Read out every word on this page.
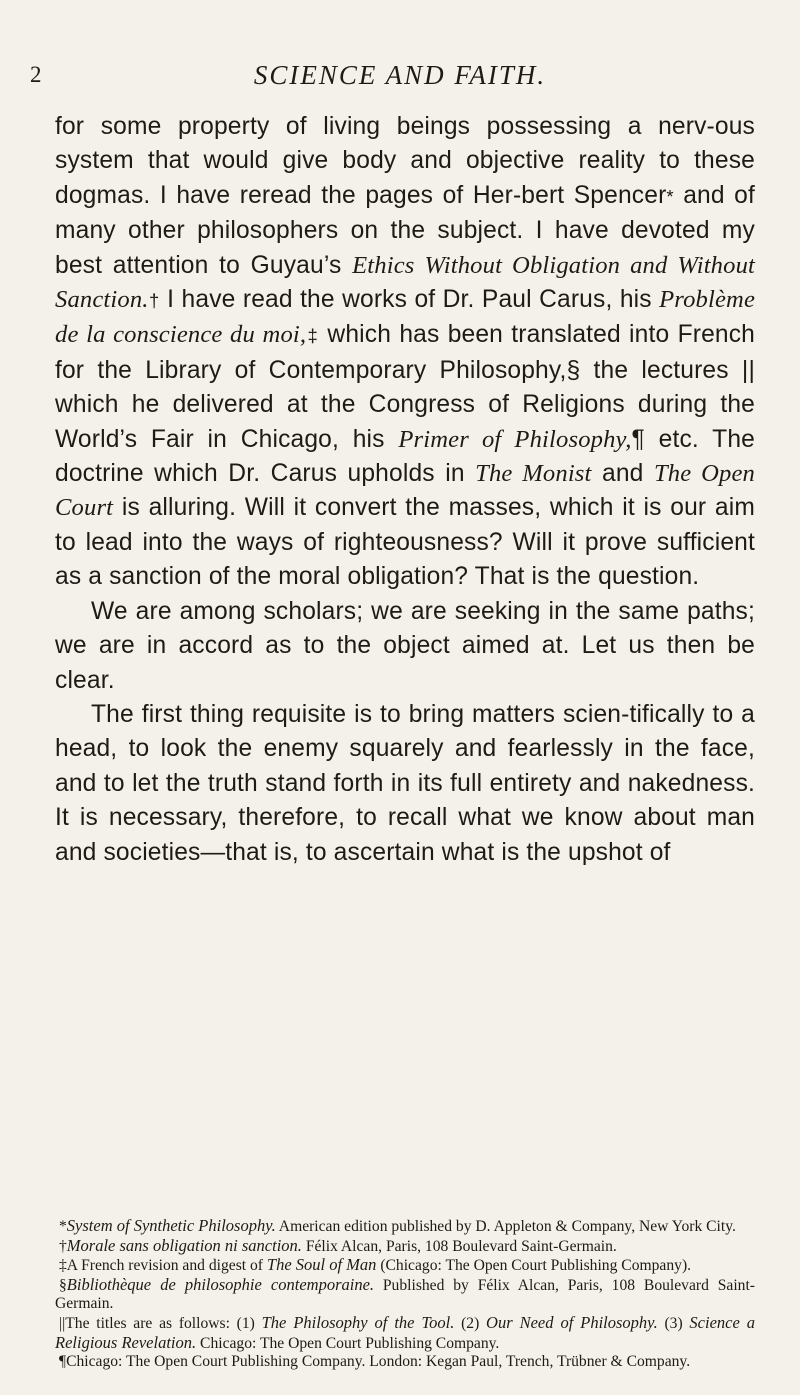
2	SCIENCE AND FAITH.

for some property of living beings possessing a nerv-ous system that would give body and objective reality to these dogmas. I have reread the pages of Her-bert Spencer* and of many other philosophers on the subject. I have devoted my best attention to Guyau’s Ethics Without Obligation and Without Sanction.† I have read the works of Dr. Paul Carus, his Problème de la conscience du moi,‡ which has been translated into French for the Library of Contemporary Philosophy,§ the lectures || which he delivered at the Congress of Religions during the World’s Fair in Chicago, his Primer of Philosophy,¶ etc. The doctrine which Dr. Carus upholds in The Monist and The Open Court is alluring. Will it convert the masses, which it is our aim to lead into the ways of righteousness? Will it prove sufficient as a sanction of the moral obligation? That is the question.

We are among scholars; we are seeking in the same paths; we are in accord as to the object aimed at. Let us then be clear.

The first thing requisite is to bring matters scien-tifically to a head, to look the enemy squarely and fearlessly in the face, and to let the truth stand forth in its full entirety and nakedness. It is necessary, therefore, to recall what we know about man and societies—that is, to ascertain what is the upshot of

*System of Synthetic Philosophy. American edition published by D. Appleton & Company, New York City.

†Morale sans obligation ni sanction. Félix Alcan, Paris, 108 Boulevard Saint-Germain.

‡A French revision and digest of The Soul of Man (Chicago: The Open Court Publishing Company).

§Bibliothèque de philosophie contemporaine. Published by Félix Alcan, Paris, 108 Boulevard Saint-Germain.

||The titles are as follows: (1) The Philosophy of the Tool. (2) Our Need of Philosophy. (3) Science a Religious Revelation. Chicago: The Open Court Publishing Company.

¶Chicago: The Open Court Publishing Company. London: Kegan Paul, Trench, Trübner & Company.
